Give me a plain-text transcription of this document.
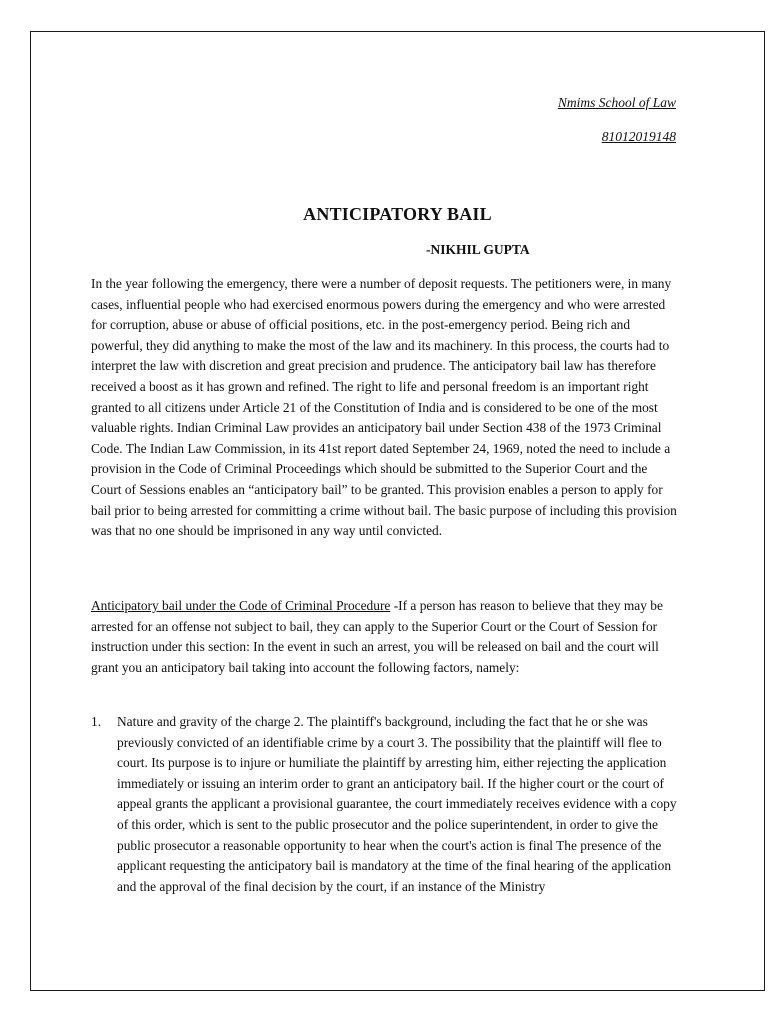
Nmims School of Law
81012019148
ANTICIPATORY BAIL
-NIKHIL GUPTA

In the year following the emergency, there were a number of deposit requests. The petitioners were, in many cases, influential people who had exercised enormous powers during the emergency and who were arrested for corruption, abuse or abuse of official positions, etc. in the post-emergency period. Being rich and powerful, they did anything to make the most of the law and its machinery. In this process, the courts had to interpret the law with discretion and great precision and prudence. The anticipatory bail law has therefore received a boost as it has grown and refined. The right to life and personal freedom is an important right granted to all citizens under Article 21 of the Constitution of India and is considered to be one of the most valuable rights. Indian Criminal Law provides an anticipatory bail under Section 438 of the 1973 Criminal Code. The Indian Law Commission, in its 41st report dated September 24, 1969, noted the need to include a provision in the Code of Criminal Proceedings which should be submitted to the Superior Court and the Court of Sessions enables an “anticipatory bail” to be granted. This provision enables a person to apply for bail prior to being arrested for committing a crime without bail. The basic purpose of including this provision was that no one should be imprisoned in any way until convicted.

Anticipatory bail under the Code of Criminal Procedure -If a person has reason to believe that they may be arrested for an offense not subject to bail, they can apply to the Superior Court or the Court of Session for instruction under this section: In the event in such an arrest, you will be released on bail and the court will grant you an anticipatory bail taking into account the following factors, namely:

1. Nature and gravity of the charge 2. The plaintiff's background, including the fact that he or she was previously convicted of an identifiable crime by a court 3. The possibility that the plaintiff will flee to court. Its purpose is to injure or humiliate the plaintiff by arresting him, either rejecting the application immediately or issuing an interim order to grant an anticipatory bail. If the higher court or the court of appeal grants the applicant a provisional guarantee, the court immediately receives evidence with a copy of this order, which is sent to the public prosecutor and the police superintendent, in order to give the public prosecutor a reasonable opportunity to hear when the court's action is final The presence of the applicant requesting the anticipatory bail is mandatory at the time of the final hearing of the application and the approval of the final decision by the court, if an instance of the Ministry
